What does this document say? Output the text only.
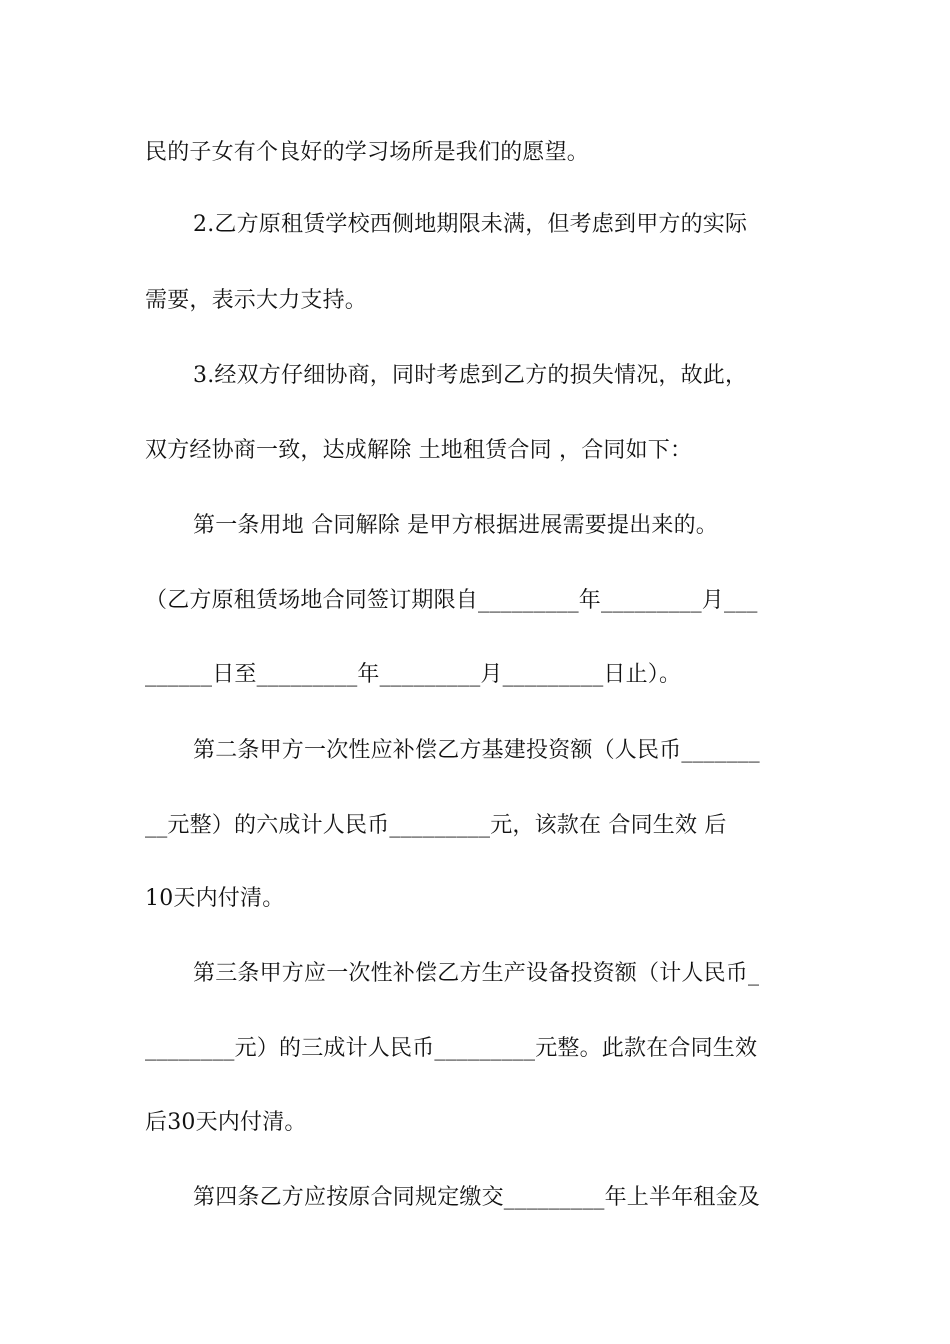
民的子女有个良好的学习场所是我们的愿望。
2.乙方原租赁学校西侧地期限未满，但考虑到甲方的实际
需要，表示大力支持。
3.经双方仔细协商，同时考虑到乙方的损失情况，故此，
双方经协商一致，达成解除 土地租赁合同 ，合同如下：
第一条用地 合同解除 是甲方根据进展需要提出来的。
（乙方原租赁场地合同签订期限自_________年_________月___
______日至_________年_________月_________日止）。
第二条甲方一次性应补偿乙方基建投资额（人民币_______
__元整）的六成计人民币_________元，该款在 合同生效 后
10天内付清。
第三条甲方应一次性补偿乙方生产设备投资额（计人民币_
________元）的三成计人民币_________元整。此款在合同生效
后30天内付清。
第四条乙方应按原合同规定缴交_________年上半年租金及
